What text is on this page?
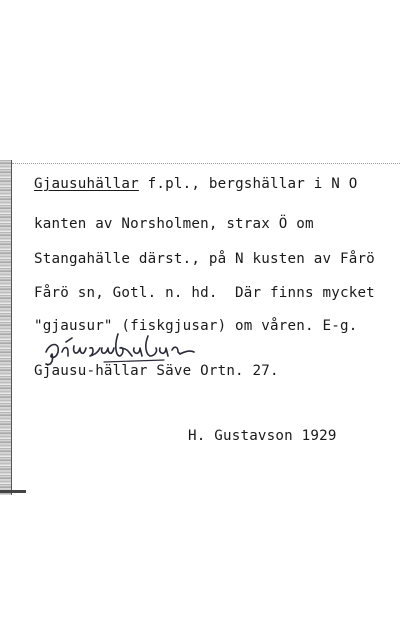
Gjausuhällar f.pl., bergshällar i N O
kanten av Norsholmen, strax Ö om
Stangahälle därst., på N kusten av Fårö
Fårö sn, Gotl. n. hd.  Där finns mycket
"gjausur" (fiskgjusar) om våren. E-g.
Gjausu-hällar Säve Ortn. 27.
H. Gustavson 1929
